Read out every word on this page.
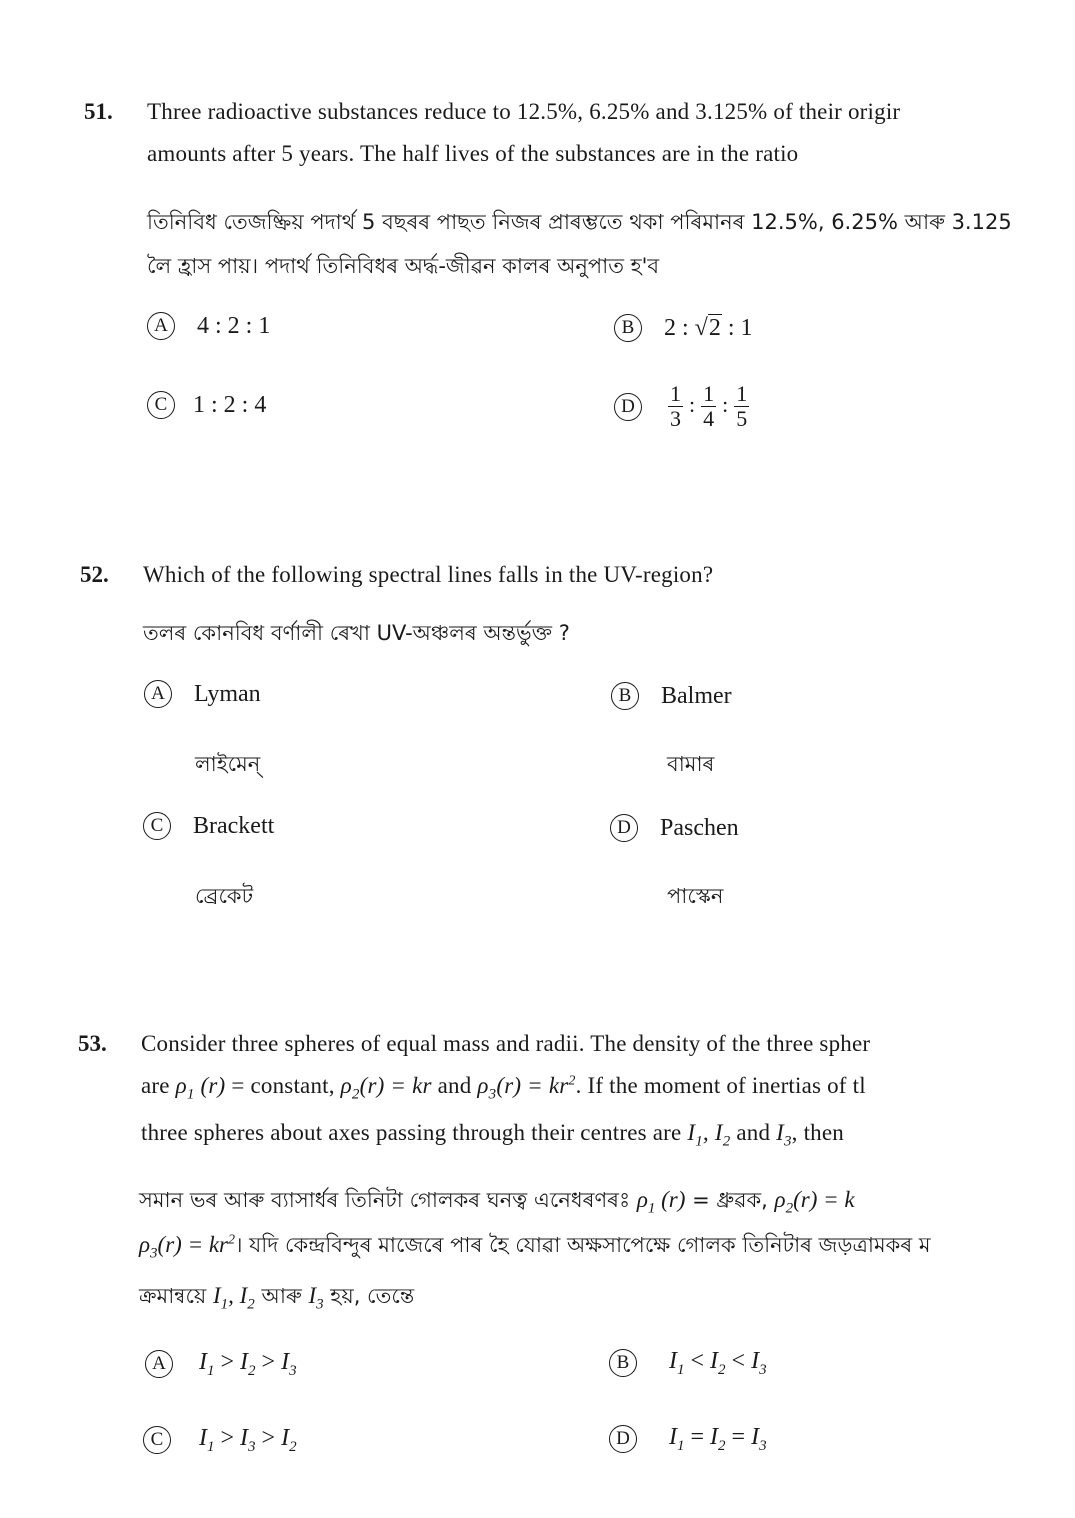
51. Three radioactive substances reduce to 12.5%, 6.25% and 3.125% of their origir
amounts after 5 years. The half lives of the substances are in the ratio
তিনিবিধ তেজষ্ক্ৰিয় পদাৰ্থ 5 বছৰৰ পাছত নিজৰ প্ৰাৰম্ভতে থকা পৰিমানৰ 12.5%, 6.25% আৰু 3.125
লৈ হ্ৰাস পায়। পদাৰ্থ তিনিবিধৰ অৰ্দ্ধ-জীৱন কালৰ অনুপাত হ'ব
A 4 : 2 : 1	B	2 : √2 : 1
C	1 : 2 : 4	D	$\frac{1}{3}$ : $\frac{1}{4}$ : $\frac{1}{5}$
52. Which of the following spectral lines falls in the UV-region?
তলৰ কোনবিধ বৰ্ণালী ৰেখা UV-অঞ্চলৰ অন্তৰ্ভুক্ত ?
A Lyman
লাইমেন্
B	Balmer
বামাৰ
C	Brackett
ব্ৰেকেট
D Paschen
পাস্কেন
53. Consider three spheres of equal mass and radii. The density of the three spher
are $\rho_1$ (r) = constant, $\rho_2(r)$ = kr and $\rho_3(r) = kr^2$. If the moment of inertias of tl
three spheres about axes passing through their centres are $I_1$, $I_2$ and $I_3$, then
সমান ভৰ আৰু ব্যাসাৰ্ধৰ তিনিটা গোলকৰ ঘনত্ব এনেধৰণৰঃ $\rho_1$ (r) = ধ্ৰুৱক, $\rho_2(r) = k$
$\rho_3(r)$ = $kr^2।$ যদি কেন্দ্ৰবিন্দুৰ মাজেৰে পাৰ হৈ যোৱা অক্ষসাপেক্ষে গোলক তিনিটাৰ জড়ত্ৰামকৰ ম
ক্ৰমান্বয়ে $I_1$, $I_2$ আৰু $I_3$ হয়, তেন্তে
A $I_1 > I_2 > I_3$	B	$I_1 < I_2 < I_3$
C	$I_1 > I_3 > I_2$	D $I_1 = I_2 = I_3$
